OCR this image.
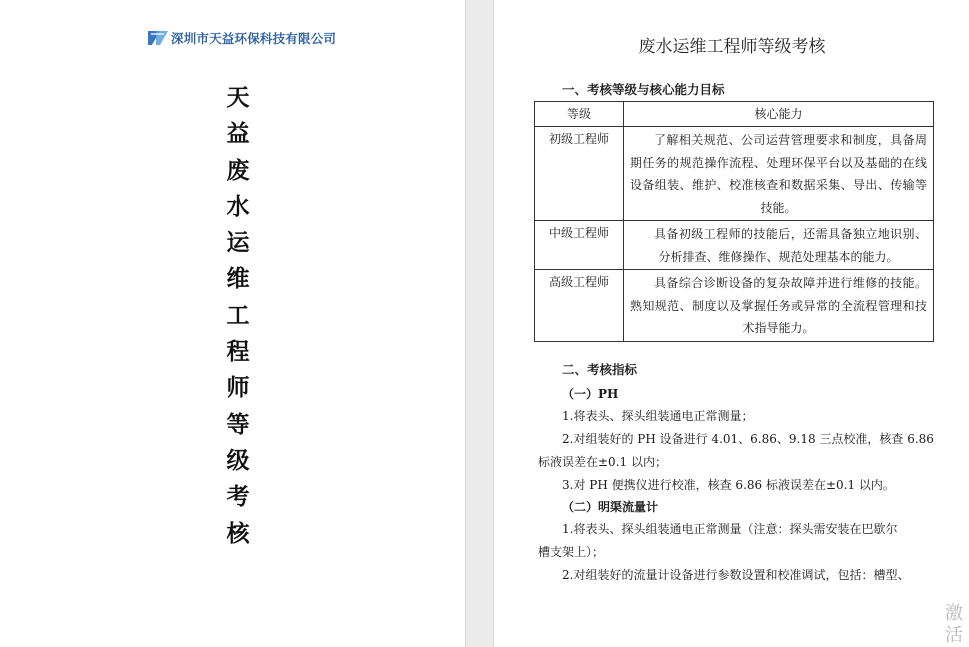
深圳市天益环保科技有限公司
天
益
废
水
运
维
工
程
师
等
级
考
核
废水运维工程师等级考核
一、考核等级与核心能力目标
等级	核心能力
初级工程师	了解相关规范、公司运营管理要求和制度，具备周期任务的规范操作流程、处理环保平台以及基础的在线设备组装、维护、校准核查和数据采集、导出、传输等技能。

中级工程师	具备初级工程师的技能后，还需具备独立地识别、分析排查、维修操作、规范处理基本的能力。

高级工程师	具备综合诊断设备的复杂故障并进行维修的技能。熟知规范、制度以及掌握任务或异常的全流程管理和技术指导能力。
二、考核指标
（一）PH
1.将表头、探头组装通电正常测量；
2.对组装好的 PH 设备进行 4.01、6.86、9.18 三点校准，核查 6.86
标液误差在±0.1 以内；
3.对 PH 便携仪进行校准，核查 6.86 标液误差在±0.1 以内。
（二）明渠流量计
1.将表头、探头组装通电正常测量（注意：探头需安装在巴歇尔
槽支架上）；
2.对组装好的流量计设备进行参数设置和校准调试，包括：槽型、
激活
